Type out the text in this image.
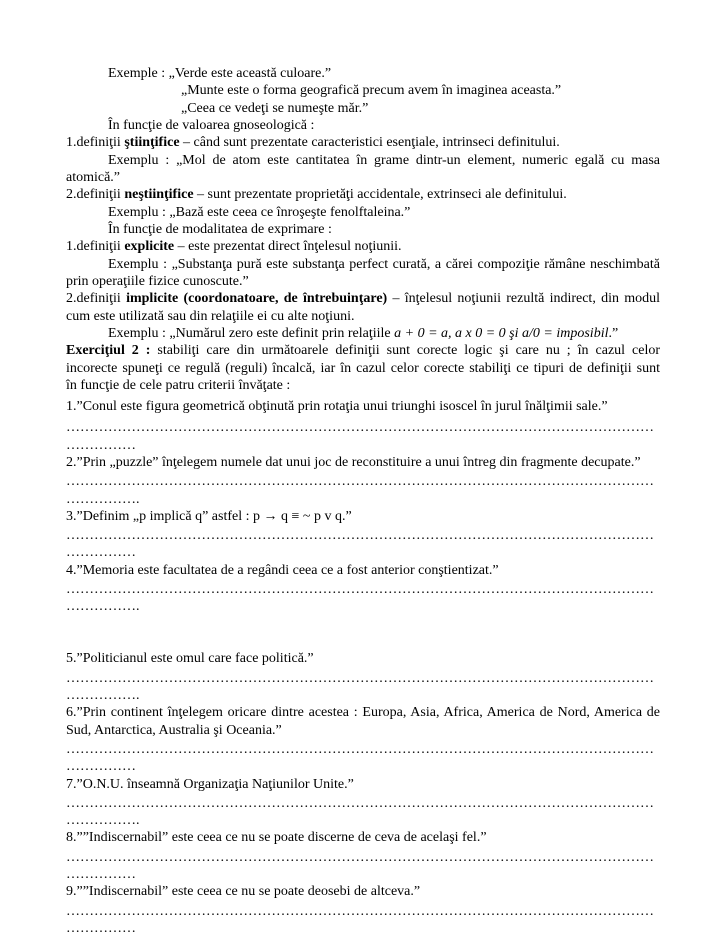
Exemple : „Verde este această culoare.”
„Munte este o forma geografică precum avem în imaginea aceasta.”
„Ceea ce vedeţi se numeşte măr.”
În funcţie de valoarea gnoseologică :
1.definiţii ştiinţifice – când sunt prezentate caracteristici esenţiale, intrinseci definitului.
Exemplu : „Mol de atom este cantitatea în grame dintr-un element, numeric egală cu masa
atomică.”
2.definiţii neştiinţifice – sunt prezentate proprietăţi accidentale, extrinseci ale definitului.
Exemplu : „Bază este ceea ce înroşeşte fenolftaleina.”
În funcţie de modalitatea de exprimare :
1.definiţii explicite – este prezentat direct înţelesul noţiunii.
Exemplu : „Substanţa pură este substanţa perfect curată, a cărei compoziţie rămâne neschimbată
prin operaţiile fizice cunoscute.”
2.definiţii implicite (coordonatoare, de întrebuinţare) – înţelesul noţiunii rezultă indirect, din modul
cum este utilizată sau din relaţiile ei cu alte noţiuni.
Exemplu : „Numărul zero este definit prin relaţiile a + 0 = a, a x 0 = 0 şi a/0 = imposibil.”
Exerciţiul 2 : stabiliţi care din următoarele definiţii sunt corecte logic şi care nu ; în cazul celor
incorecte spuneţi ce regulă (reguli) încalcă, iar în cazul celor corecte stabiliţi ce tipuri de definiţii sunt
în funcţie de cele patru criterii învăţate :
1.”Conul este figura geometrică obţinută prin rotaţia unui triunghi isoscel în jurul înălţimii sale.”
………………………………………………………………………………………………………………
……………
2.”Prin „puzzle” înţelegem numele dat unui joc de reconstituire a unui întreg din fragmente decupate.”
………………………………………………………………………………………………………………
…………….
3.”Definim „p implică q” astfel : p → q ≡ ~ p v q.”
………………………………………………………………………………………………………………
……………
4.”Memoria este facultatea de a regândi ceea ce a fost anterior conştientizat.”
………………………………………………………………………………………………………………
…………….
5.”Politicianul este omul care face politică.”
………………………………………………………………………………………………………………
…………….
6.”Prin continent înţelegem oricare dintre acestea : Europa, Asia, Africa, America de Nord, America de
Sud, Antarctica, Australia şi Oceania.”
………………………………………………………………………………………………………………
……………
7.”O.N.U. înseamnă Organizaţia Naţiunilor Unite.”
………………………………………………………………………………………………………………
…………….
8.””Indiscernabil” este ceea ce nu se poate discerne de ceva de acelaşi fel.”
………………………………………………………………………………………………………………
……………
9.””Indiscernabil” este ceea ce nu se poate deosebi de altceva.”
………………………………………………………………………………………………………………
……………
